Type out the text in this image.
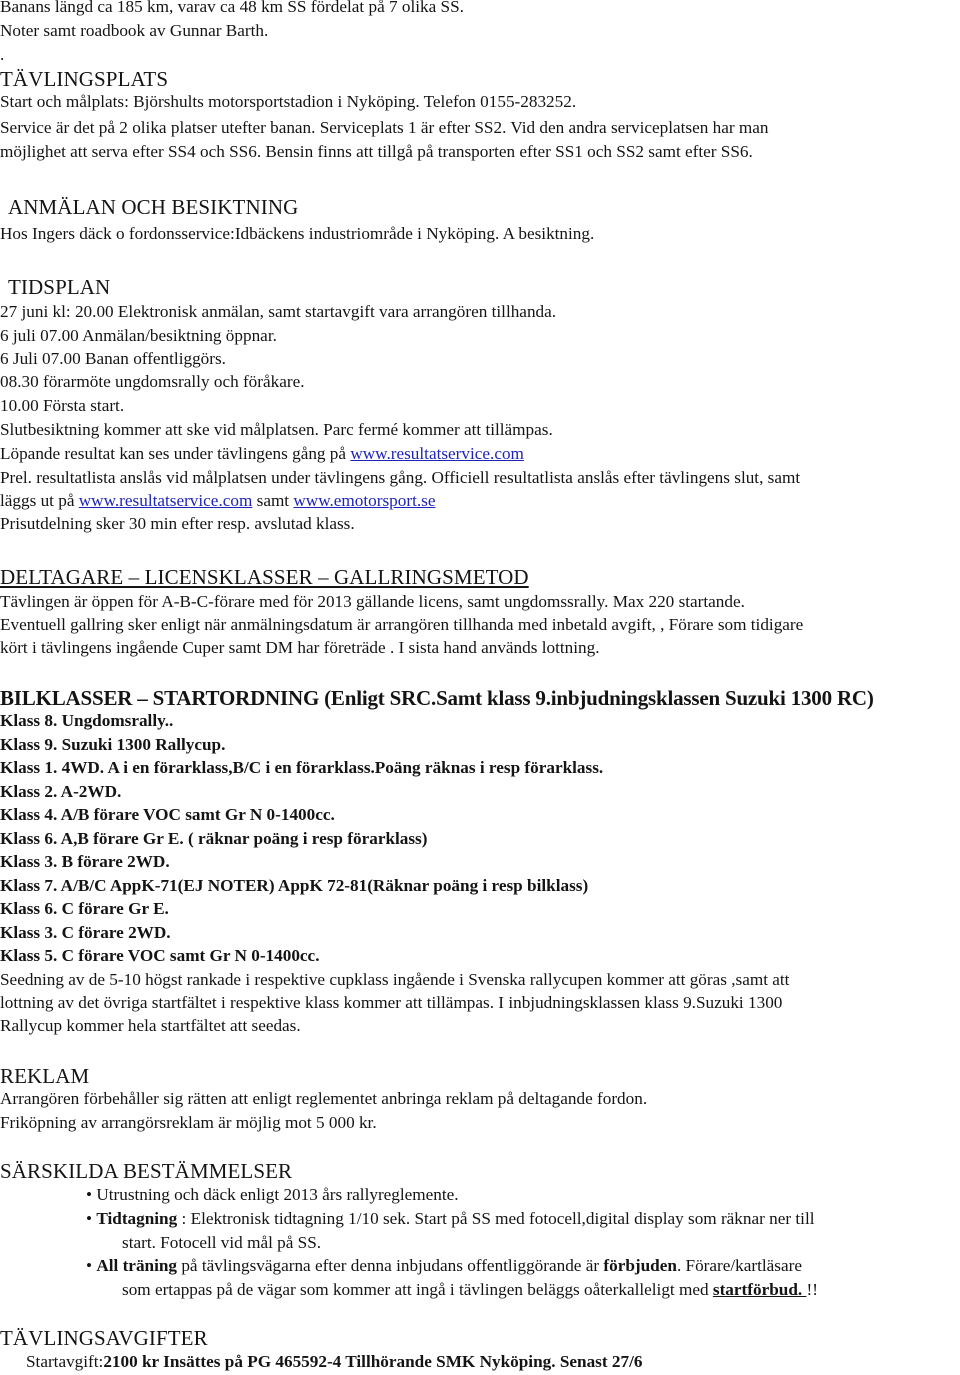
Banans längd ca 185 km, varav ca 48 km SS fördelat på 7 olika SS.
Noter samt roadbook av Gunnar Barth.
.
TÄVLINGSPLATS
Start och målplats: Björshults motorsportstadion i Nyköping. Telefon 0155-283252.
Service är det på 2 olika platser utefter banan. Serviceplats 1 är efter SS2. Vid den andra serviceplatsen har man
möjlighet att serva efter SS4 och SS6. Bensin finns att tillgå på transporten efter SS1 och SS2 samt efter SS6.
ANMÄLAN OCH BESIKTNING
Hos Ingers däck o fordonsservice:Idbäckens industriområde i Nyköping. A besiktning.
TIDSPLAN
27 juni kl: 20.00 Elektronisk anmälan, samt startavgift vara arrangören tillhanda.
6 juli 07.00 Anmälan/besiktning öppnar.
6 Juli 07.00 Banan offentliggörs.
08.30 förarmöte ungdomsrally och föråkare.
10.00 Första start.
Slutbesiktning kommer att ske vid målplatsen. Parc fermé kommer att tillämpas.
Löpande resultat kan ses under tävlingens gång på www.resultatservice.com
Prel. resultatlista anslås vid målplatsen under tävlingens gång. Officiell resultatlista anslås efter tävlingens slut, samt
läggs ut på www.resultatservice.com samt www.emotorsport.se
Prisutdelning sker 30 min efter resp. avslutad klass.
DELTAGARE – LICENSKLASSER – GALLRINGSMETOD
Tävlingen är öppen för A-B-C-förare med för 2013 gällande licens, samt ungdomssrally. Max 220 startande.
Eventuell gallring sker enligt när anmälningsdatum är arrangören tillhanda med inbetald avgift, , Förare som tidigare
kört i tävlingens ingående Cuper samt DM har företräde . I sista hand används lottning.
BILKLASSER – STARTORDNING (Enligt SRC.Samt klass 9.inbjudningsklassen Suzuki 1300 RC)
Klass 8. Ungdomsrally..
Klass 9. Suzuki 1300 Rallycup.
Klass 1. 4WD. A i en förarklass,B/C i en förarklass.Poäng räknas i resp förarklass.
Klass 2. A-2WD.
Klass 4. A/B förare VOC samt Gr N 0-1400cc.
Klass 6. A,B förare Gr E. ( räknar poäng i resp förarklass)
Klass 3. B förare 2WD.
Klass 7. A/B/C AppK-71(EJ NOTER) AppK 72-81(Räknar poäng i resp bilklass)
Klass 6. C förare Gr E.
Klass 3. C förare 2WD.
Klass 5. C förare VOC samt Gr N 0-1400cc.
Seedning av de 5-10 högst rankade i respektive cupklass ingående i Svenska rallycupen kommer att göras ,samt att
lottning av det övriga startfältet i respektive klass kommer att tillämpas. I inbjudningsklassen klass 9.Suzuki 1300
Rallycup kommer hela startfältet att seedas.
REKLAM
Arrangören förbehåller sig rätten att enligt reglementet anbringa reklam på deltagande fordon.
Friköpning av arrangörsreklam är möjlig mot 5 000 kr.
SÄRSKILDA BESTÄMMELSER
• Utrustning och däck enligt 2013 års rallyreglemente.
• Tidtagning : Elektronisk tidtagning 1/10 sek. Start på SS med fotocell,digital display som räknar ner till
start. Fotocell vid mål på SS.
• All träning på tävlingsvägarna efter denna inbjudans offentliggörande är förbjuden. Förare/kartläsare
som ertappas på de vägar som kommer att ingå i tävlingen beläggs oåterkalleligt med startförbud. !!
TÄVLINGSAVGIFTER
Startavgift:2100 kr Insättes på PG 465592-4 Tillhörande SMK Nyköping. Senast 27/6
